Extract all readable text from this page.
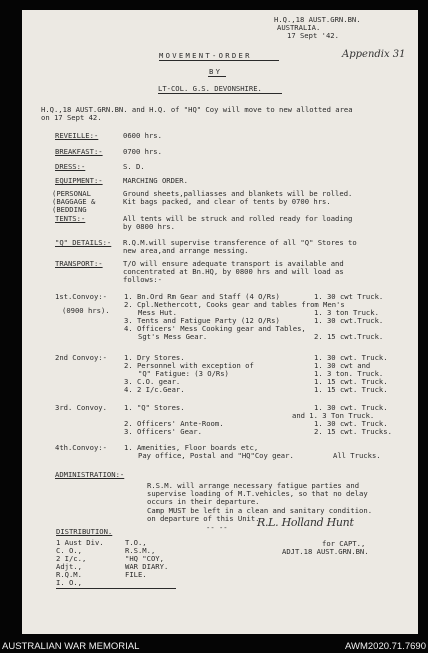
H.Q.,18 AUST.GRN.BN.
AUSTRALIA.
17 Sept '42.
Appendix 31
MOVEMENT-ORDER
BY
LT-COL. G.S. DEVONSHIRE.
H.Q.,18 AUST.GRN.BN. and H.Q. of "HQ" Coy will move to new allotted area
on 17 Sept 42.
REVEILLE:-	0600 hrs.
BREAKFAST:-	0700 hrs.
DRESS:-	S. D.
EQUIPMENT:-	MARCHING ORDER.
(PERSONAL
(BAGGAGE &
(BEDDING
Ground sheets,palliasses and blankets will be rolled.
Kit bags packed, and clear of tents by 0700 hrs.
TENTS:-	All tents will be struck and rolled ready for loading
by 0800 hrs.
"Q" DETAILS:- R.Q.M.will supervise transference of all "Q" Stores to
new area,and arrange messing.
TRANSPORT:-	T/O will ensure adequate transport is available and
concentrated at Bn.HQ, by 0800 hrs and will load as
follows:-
1st.Convoy:-
(0900 hrs).
1. Bn.Ord Rm Gear and Staff (4 O/Rs)	1. 30 cwt Truck.
2. Cpl.Nethercott, Cooks gear and tables from Men's
Mess Hut.	1. 3 ton Truck.
3. Tents and Fatigue Party (12 O/Rs)	1. 30 cwt.Truck.
4. Officers' Mess Cooking gear and Tables,
Sgt's Mess Gear.	2. 15 cwt.Truck.
2nd Convoy:- 1. Dry Stores.	1. 30 cwt. Truck.
2. Personnel with exception of	1. 30 cwt and
"Q" Fatigue: (3 O/Rs)	1. 3 ton. Truck.
3. C.O. gear.	1. 15 cwt. Truck.
4. 2 I/c.Gear.	1. 15 cwt. Truck.
3rd. Convoy. 1. "Q" Stores.	1. 30 cwt. Truck.
and 1. 3 Ton Truck.
2. Officers' Ante-Room.	1. 30 cwt. Truck.
3. Officers' Gear.	2. 15 cwt. Trucks.
4th.Convoy:- 1. Amenities, Floor boards etc,
Pay office, Postal and "HQ"Coy gear.	All Trucks.
ADMINISTRATION:-
R.S.M. will arrange necessary fatigue parties and
supervise loading of M.T.vehicles, so that no delay
occurs in their departure.
Camp MUST be left in a clean and sanitary condition.
on departure of this Unit.
-- --	R.L. Holland Hunt
for CAPT.,
ADJT.18 AUST.GRN.BN.
DISTRIBUTION.
1 Aust Div.
C. O.,
2 I/c.,
Adjt.,
R.Q.M.
I. O.,
T.O.,
R.S.M.,
"HQ "COY,
WAR DIARY.
FILE.
AUSTRALIAN WAR MEMORIAL	AWM2020.71.7690
